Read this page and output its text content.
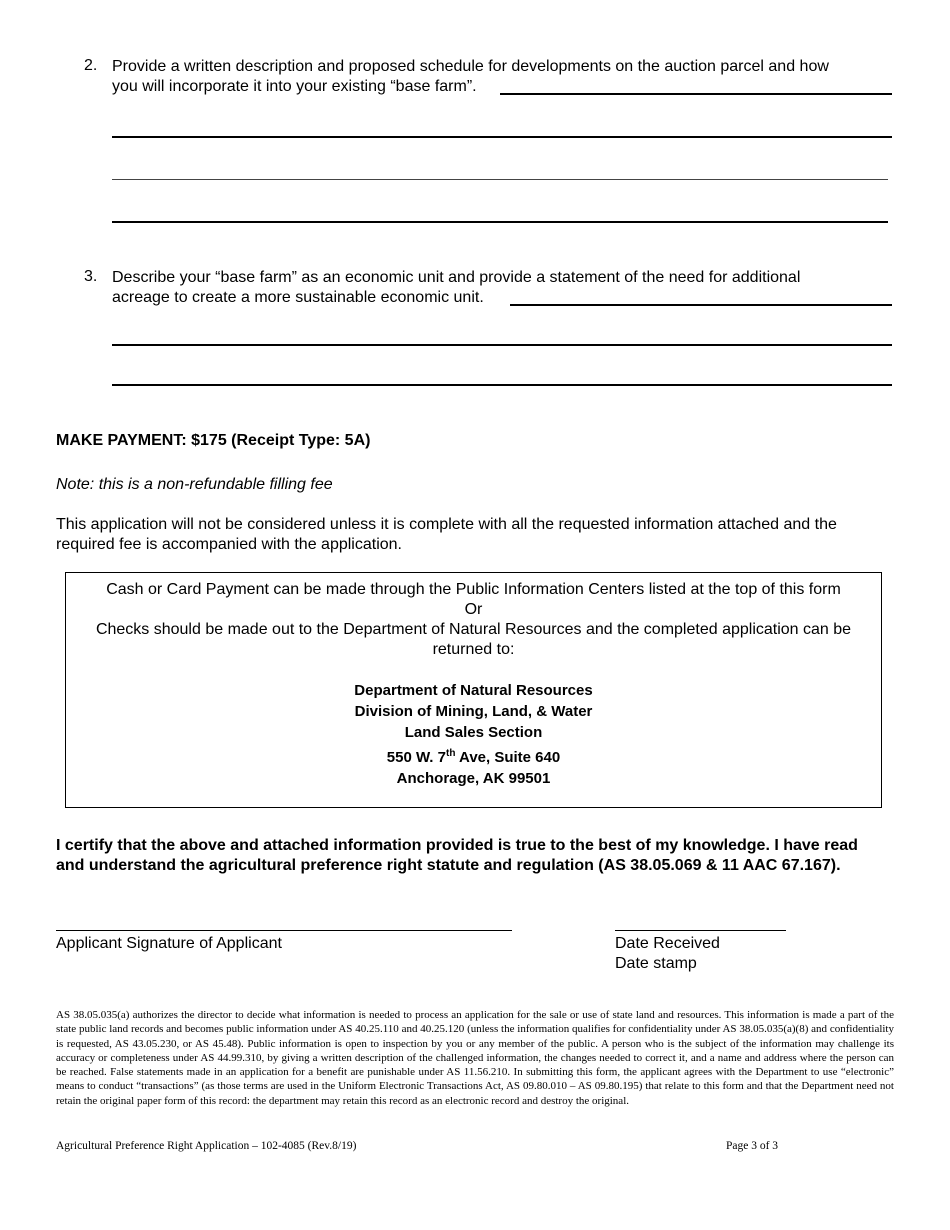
2. Provide a written description and proposed schedule for developments on the auction parcel and how
you will incorporate it into your existing “base farm”.
3. Describe your “base farm” as an economic unit and provide a statement of the need for additional
acreage to create a more sustainable economic unit.
MAKE PAYMENT: $175 (Receipt Type: 5A)
Note: this is a non-refundable filling fee
This application will not be considered unless it is complete with all the requested information attached and the required fee is accompanied with the application.
Cash or Card Payment can be made through the Public Information Centers listed at the top of this form
Or
Checks should be made out to the Department of Natural Resources and the completed application can be returned to:
Department of Natural Resources
Division of Mining, Land, & Water
Land Sales Section
550 W. 7th Ave, Suite 640
Anchorage, AK 99501
I certify that the above and attached information provided is true to the best of my knowledge. I have read and understand the agricultural preference right statute and regulation (AS 38.05.069 & 11 AAC 67.167).
Applicant Signature of Applicant	Date Received
Date stamp
AS 38.05.035(a) authorizes the director to decide what information is needed to process an application for the sale or use of state land and resources. This information is made a part of the state public land records and becomes public information under AS 40.25.110 and 40.25.120 (unless the information qualifies for confidentiality under AS 38.05.035(a)(8) and confidentiality is requested, AS 43.05.230, or AS 45.48). Public information is open to inspection by you or any member of the public. A person who is the subject of the information may challenge its accuracy or completeness under AS 44.99.310, by giving a written description of the challenged information, the changes needed to correct it, and a name and address where the person can be reached. False statements made in an application for a benefit are punishable under AS 11.56.210. In submitting this form, the applicant agrees with the Department to use “electronic” means to conduct “transactions” (as those terms are used in the Uniform Electronic Transactions Act, AS 09.80.010 – AS 09.80.195) that relate to this form and that the Department need not retain the original paper form of this record: the department may retain this record as an electronic record and destroy the original.
Agricultural Preference Right Application – 102-4085 (Rev.8/19)	Page 3 of 3
